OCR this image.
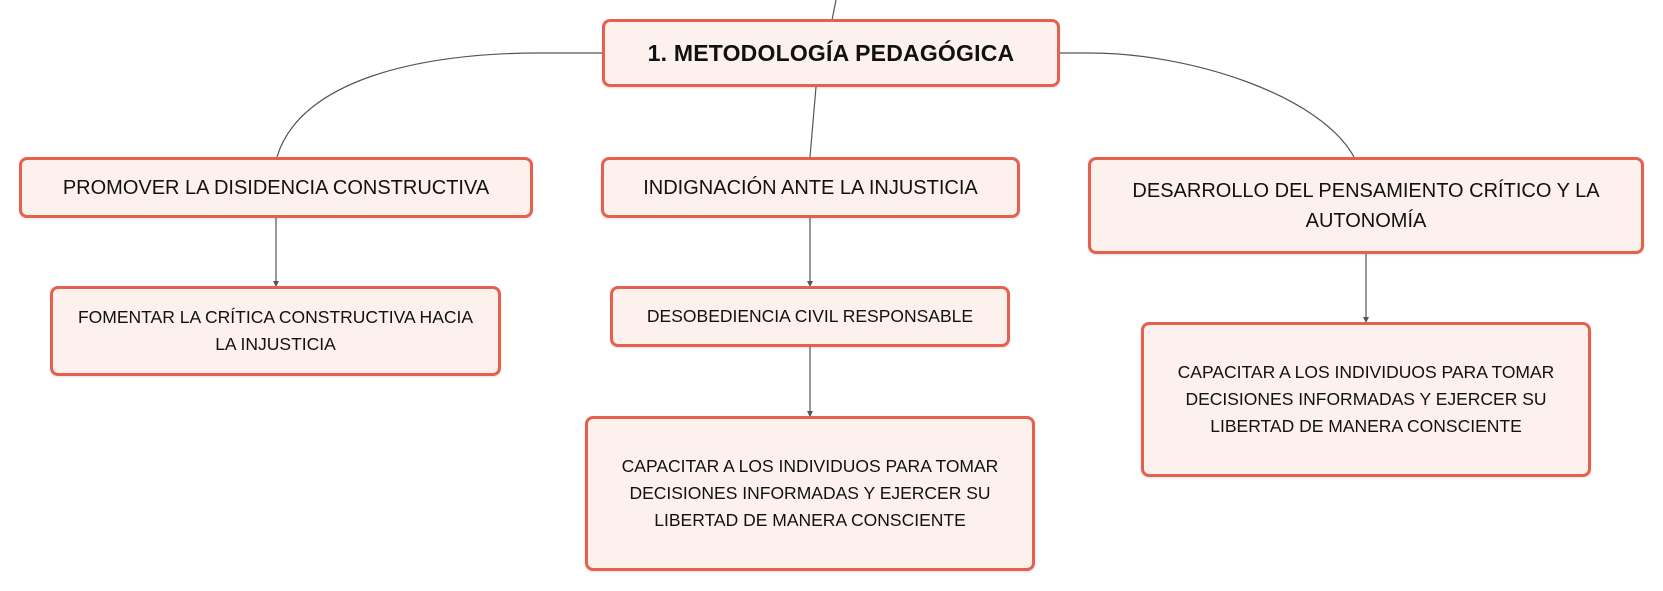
1. METODOLOGÍA PEDAGÓGICA
PROMOVER LA DISIDENCIA CONSTRUCTIVA
FOMENTAR LA CRÍTICA CONSTRUCTIVA HACIA LA INJUSTICIA
INDIGNACIÓN ANTE LA INJUSTICIA
DESOBEDIENCIA CIVIL RESPONSABLE
CAPACITAR A LOS INDIVIDUOS PARA TOMAR DECISIONES INFORMADAS Y EJERCER SU LIBERTAD DE MANERA CONSCIENTE
DESARROLLO DEL PENSAMIENTO CRÍTICO Y LA AUTONOMÍA
CAPACITAR A LOS INDIVIDUOS PARA TOMAR DECISIONES INFORMADAS Y EJERCER SU LIBERTAD DE MANERA CONSCIENTE
